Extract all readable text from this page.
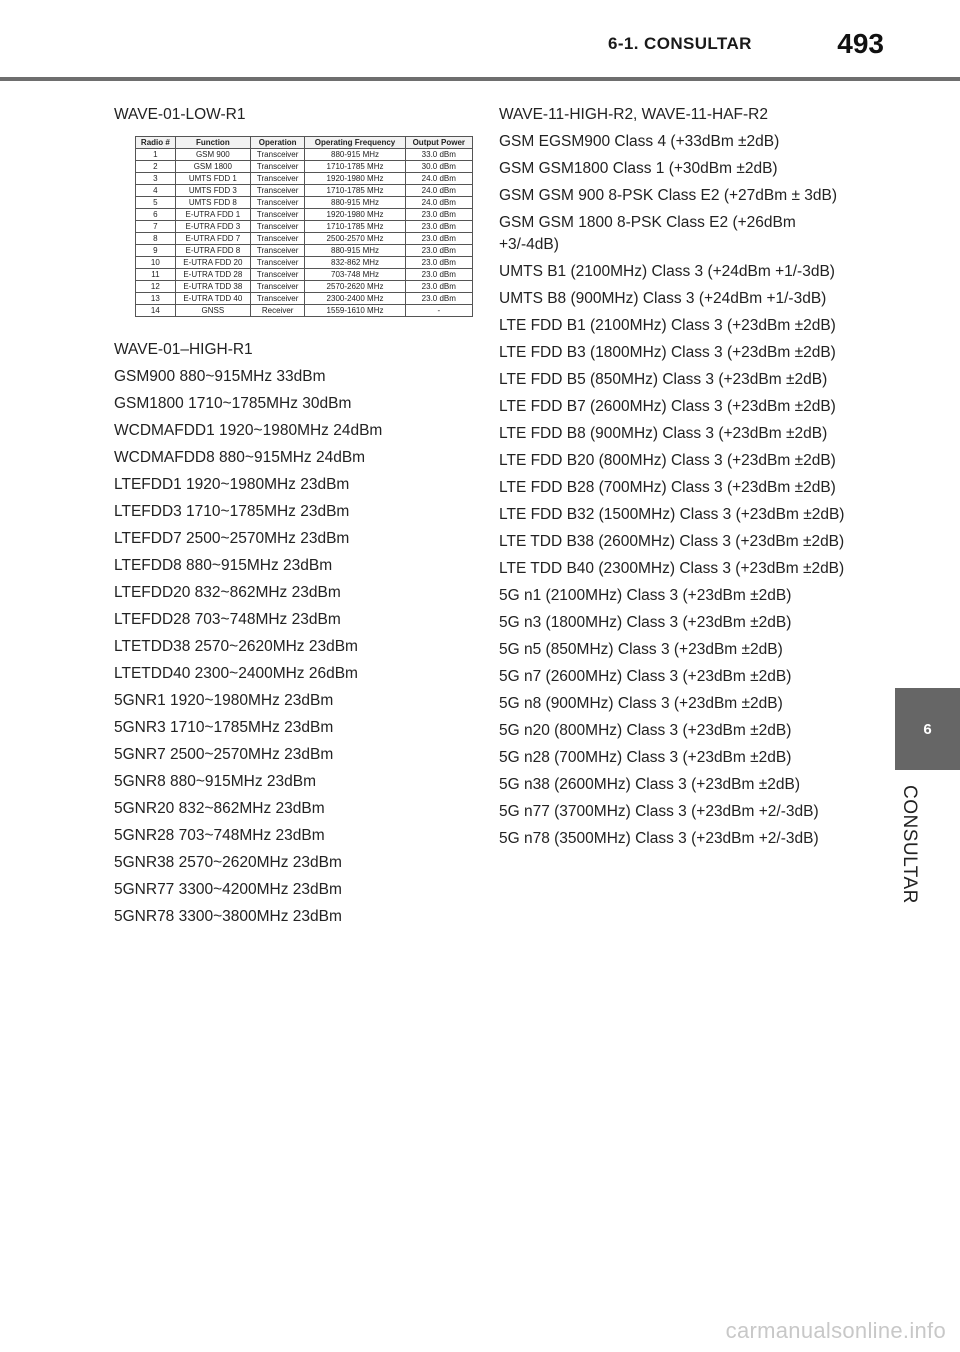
6-1. CONSULTAR	493
6
CONSULTAR
WAVE-01-LOW-R1
Radio #	Function	Operation	Operating Frequency	Output Power
1	GSM 900	Transceiver	880-915 MHz	33.0 dBm
2	GSM 1800	Transceiver	1710-1785 MHz	30.0 dBm
3	UMTS FDD 1	Transceiver	1920-1980 MHz	24.0 dBm
4	UMTS FDD 3	Transceiver	1710-1785 MHz	24.0 dBm
5	UMTS FDD 8	Transceiver	880-915 MHz	24.0 dBm
6	E-UTRA FDD 1	Transceiver	1920-1980 MHz	23.0 dBm
7	E-UTRA FDD 3	Transceiver	1710-1785 MHz	23.0 dBm
8	E-UTRA FDD 7	Transceiver	2500-2570 MHz	23.0 dBm
9	E-UTRA FDD 8	Transceiver	880-915 MHz	23.0 dBm
10	E-UTRA FDD 20	Transceiver	832-862 MHz	23.0 dBm
11	E-UTRA TDD 28	Transceiver	703-748 MHz	23.0 dBm
12	E-UTRA TDD 38	Transceiver	2570-2620 MHz	23.0 dBm
13	E-UTRA TDD 40	Transceiver	2300-2400 MHz	23.0 dBm
14	GNSS	Receiver	1559-1610 MHz	-
WAVE-01–HIGH-R1
GSM900 880~915MHz 33dBm
GSM1800 1710~1785MHz 30dBm
WCDMAFDD1 1920~1980MHz 24dBm
WCDMAFDD8 880~915MHz 24dBm
LTEFDD1 1920~1980MHz 23dBm
LTEFDD3 1710~1785MHz 23dBm
LTEFDD7 2500~2570MHz 23dBm
LTEFDD8 880~915MHz 23dBm
LTEFDD20 832~862MHz 23dBm
LTEFDD28 703~748MHz 23dBm
LTETDD38 2570~2620MHz 23dBm
LTETDD40 2300~2400MHz 26dBm
5GNR1 1920~1980MHz 23dBm
5GNR3 1710~1785MHz 23dBm
5GNR7 2500~2570MHz 23dBm
5GNR8 880~915MHz 23dBm
5GNR20 832~862MHz 23dBm
5GNR28 703~748MHz 23dBm
5GNR38 2570~2620MHz 23dBm
5GNR77 3300~4200MHz 23dBm
5GNR78 3300~3800MHz 23dBm
WAVE-11-HIGH-R2, WAVE-11-HAF-R2
GSM EGSM900 Class 4 (+33dBm ±2dB)
GSM GSM1800 Class 1 (+30dBm ±2dB)
GSM GSM 900 8-PSK Class E2 (+27dBm ± 3dB)
GSM GSM 1800 8-PSK Class E2 (+26dBm +3/-4dB)
UMTS B1 (2100MHz) Class 3 (+24dBm +1/-3dB)
UMTS B8 (900MHz) Class 3 (+24dBm +1/-3dB)
LTE FDD B1 (2100MHz) Class 3 (+23dBm ±2dB)
LTE FDD B3 (1800MHz) Class 3 (+23dBm ±2dB)
LTE FDD B5 (850MHz) Class 3 (+23dBm ±2dB)
LTE FDD B7 (2600MHz) Class 3 (+23dBm ±2dB)
LTE FDD B8 (900MHz) Class 3 (+23dBm ±2dB)
LTE FDD B20 (800MHz) Class 3 (+23dBm ±2dB)
LTE FDD B28 (700MHz) Class 3 (+23dBm ±2dB)
LTE FDD B32 (1500MHz) Class 3 (+23dBm ±2dB)
LTE TDD B38 (2600MHz) Class 3 (+23dBm ±2dB)
LTE TDD B40 (2300MHz) Class 3 (+23dBm ±2dB)
5G n1 (2100MHz) Class 3 (+23dBm ±2dB)
5G n3 (1800MHz) Class 3 (+23dBm ±2dB)
5G n5 (850MHz) Class 3 (+23dBm ±2dB)
5G n7 (2600MHz) Class 3 (+23dBm ±2dB)
5G n8 (900MHz) Class 3 (+23dBm ±2dB)
5G n20 (800MHz) Class 3 (+23dBm ±2dB)
5G n28 (700MHz) Class 3 (+23dBm ±2dB)
5G n38 (2600MHz) Class 3 (+23dBm ±2dB)
5G n77 (3700MHz) Class 3 (+23dBm +2/-3dB)
5G n78 (3500MHz) Class 3 (+23dBm +2/-3dB)
carmanualsonline.info
